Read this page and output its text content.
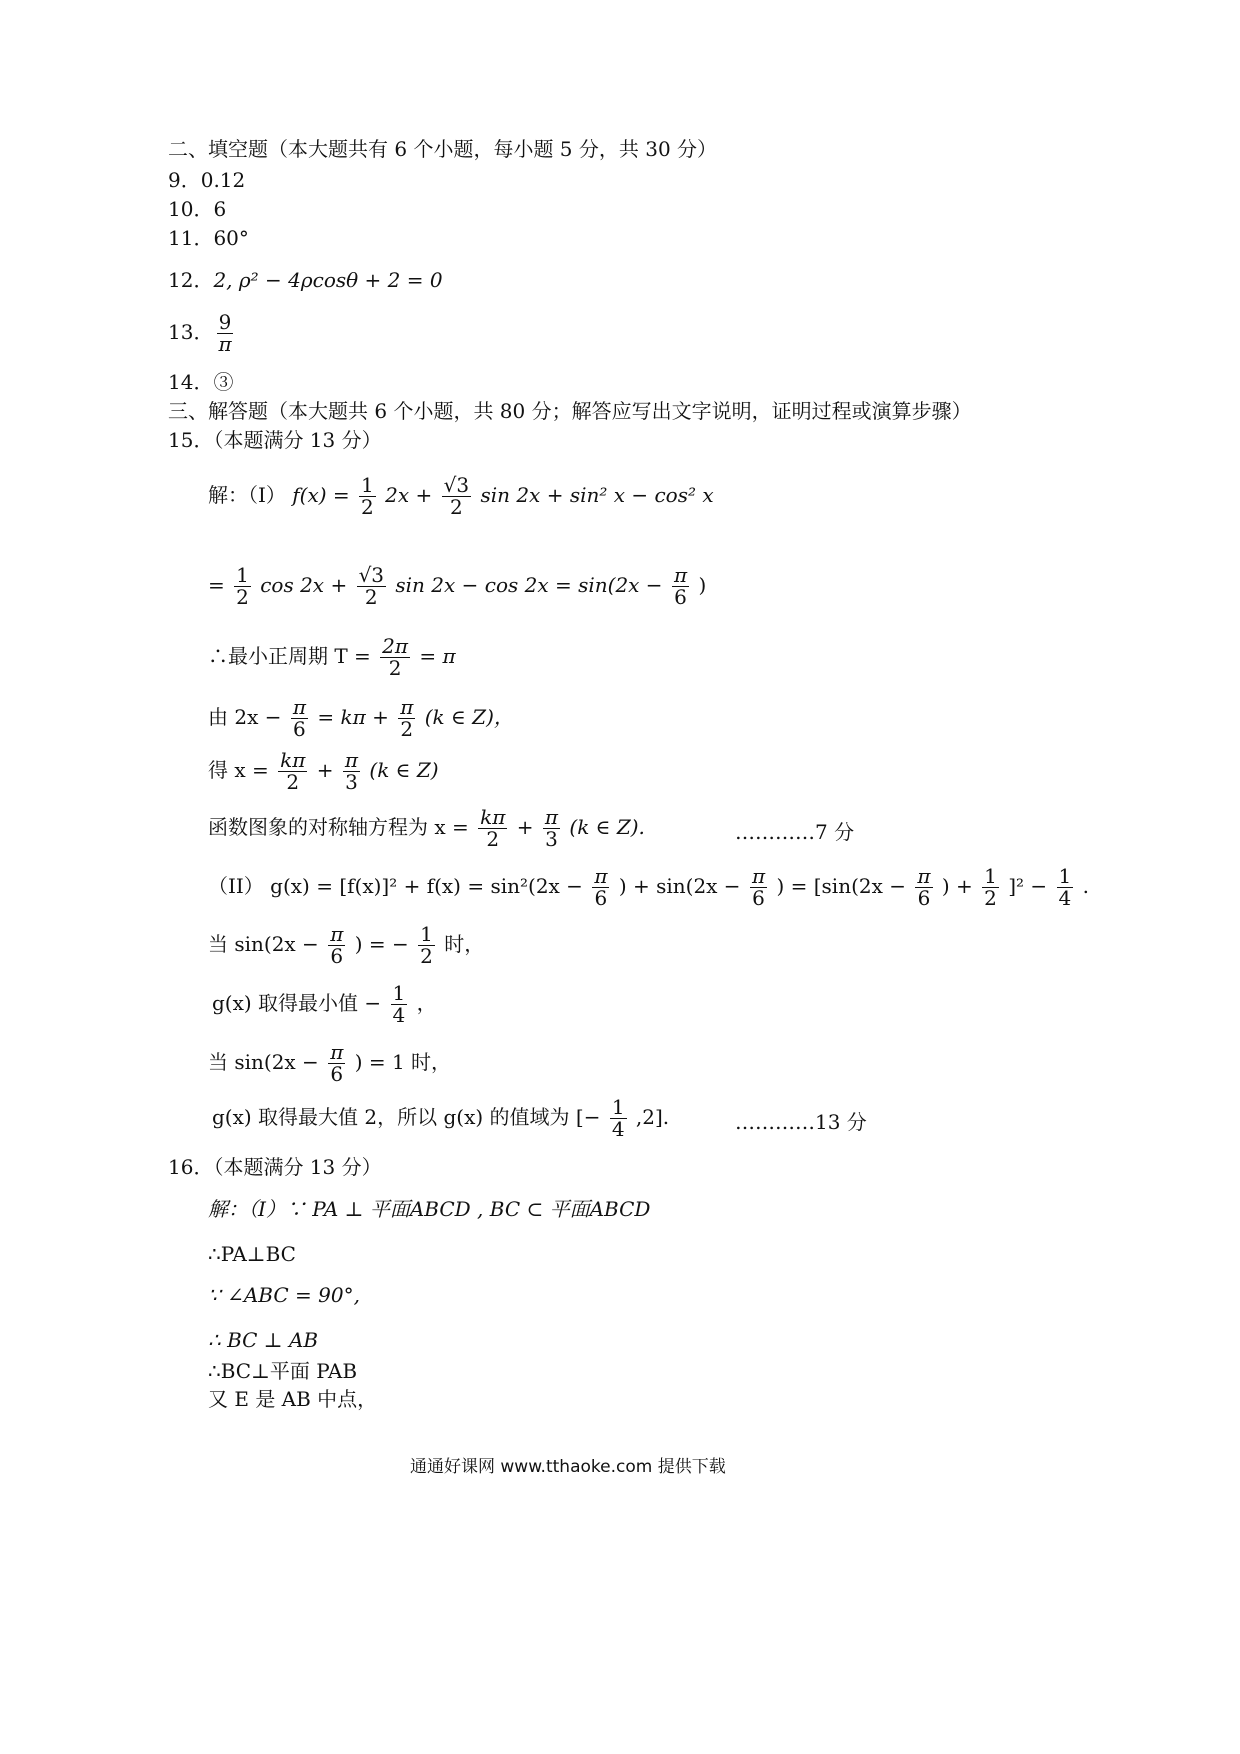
二、填空题（本大题共有 6 个小题，每小题 5 分，共 30 分）
9．0.12
10．6
11．60°
12．2, ρ² − 4ρcosθ + 2 = 0
13． $\frac{9}{\pi}$
14．③
三、解答题（本大题共 6 个小题，共 80 分；解答应写出文字说明，证明过程或演算步骤）
15．（本题满分 13 分）
解：（I） $f(x) = \frac{1}{2} 2x + \frac{√3}{2}$ sin 2x + sin² x − cos² x
= $\frac{1}{2}$ $\cos 2x + \frac{√3}{2}$ $\sin 2x - \cos 2x = \sin(2x - \frac{\pi}{6}$ )
∴最小正周期 $T = \frac{2\pi}{2} = \pi$
由 $2x - \frac{\pi}{6} = k\pi + \frac{\pi}{2} (k$ ∈ Z)，
得 $x = \frac{k\pi}{2} + \frac{\pi}{3} (k$ ∈ Z)
函数图象的对称轴方程为 $x = \frac{k\pi}{2} + \frac{\pi}{3} (k$ ∈ Z).	…………7 分
（II） $g(x) = [f(x)]^2 + f(x) = \sin^2(2x - \frac{\pi}{6}$ ) + $\sin(2x - \frac{\pi}{6}$ ) = [$\sin(2x - \frac{\pi}{6}$ ) + $\frac{1}{2} ]^2 - \frac{1}{4}$ .
当 $\sin(2x - \frac{\pi}{6}$ ) = − $\frac{1}{2}$ 时，
g(x) 取得最小值 − $\frac{1}{4}$ ，
当 $\sin(2x - \frac{\pi}{6}$ ) = 1 时，
g(x) 取得最大值 2，所以 g(x) 的值域为 [− $\frac{1}{4} ,2$].	…………13 分
16．（本题满分 13 分）
解：（I）∵ PA ⊥ 平面ABCD , BC ⊂ 平面ABCD
∴PA⊥BC
∵ ∠ABC = 90°,
∴ BC ⊥ AB
∴BC⊥平面 PAB
又 E 是 AB 中点，
通通好课网 www.tthaoke.com 提供下载
